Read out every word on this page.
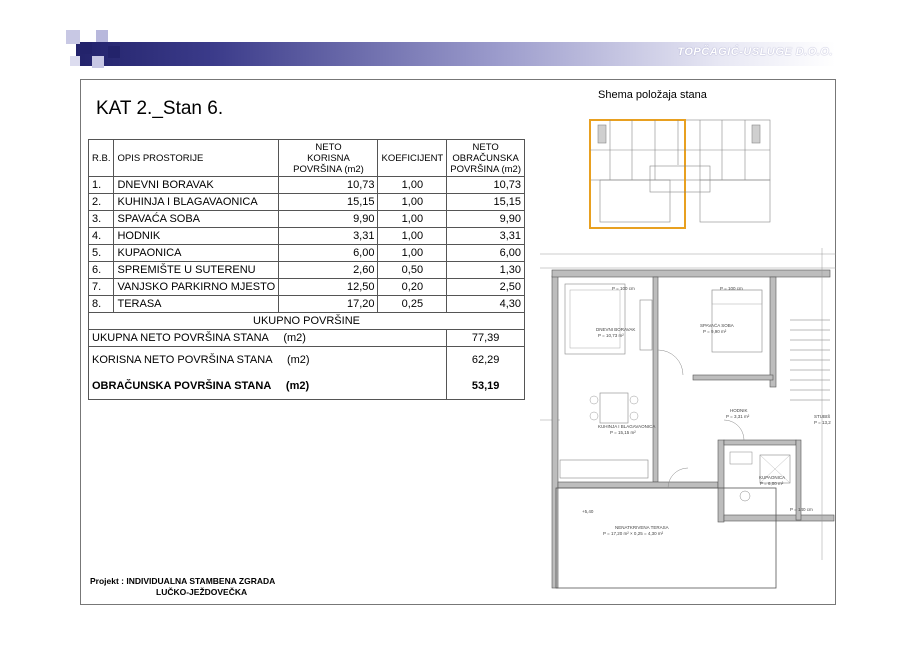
TOPČAGIĆ-USLUGE D.O.O.
KAT 2._Stan 6.
R.B.	OPIS PROSTORIJE	NETO
KORISNA
POVRŠINA (m2)	KOEFICIJENT	NETO
OBRAČUNSKA
POVRŠINA (m2)
1.	DNEVNI BORAVAK	10,73	1,00	10,73
2.	KUHINJA I BLAGAVAONICA	15,15	1,00	15,15
3.	SPAVAĆA SOBA	9,90	1,00	9,90
4.	HODNIK	3,31	1,00	3,31
5.	KUPAONICA	6,00	1,00	6,00
6.	SPREMIŠTE U SUTERENU	2,60	0,50	1,30
7.	VANJSKO PARKIRNO MJESTO	12,50	0,20	2,50
8.	TERASA	17,20	0,25	4,30
UKUPNO POVRŠINE				
UKUPNA NETO POVRŠINA STANA (m2)				77,39
KORISNA NETO POVRŠINA STANA (m2)				62,29
OBRAČUNSKA POVRŠINA STANA (m2)				53,19
Projekt : INDIVIDUALNA STAMBENA ZGRADA
LUČKO-JEŽDOVEČKA
Shema položaja stana
DNEVNI BORAVAK
P = 10,73 m²
SPAVAĆA SOBA
P = 9,90 m²
KUHINJA I BLAGAVAONICA
P = 15,15 m²
HODNIK
P = 3,31 m²
KUPAONICA
P = 6,00 m²
NENATKRIVENA TERASA
P = 17,20 m² × 0,25 = 4,30 m²
STUBIŠ
P = 13,2
P = 100 cm	P = 100 cm
P = 140 cm
+5,40
